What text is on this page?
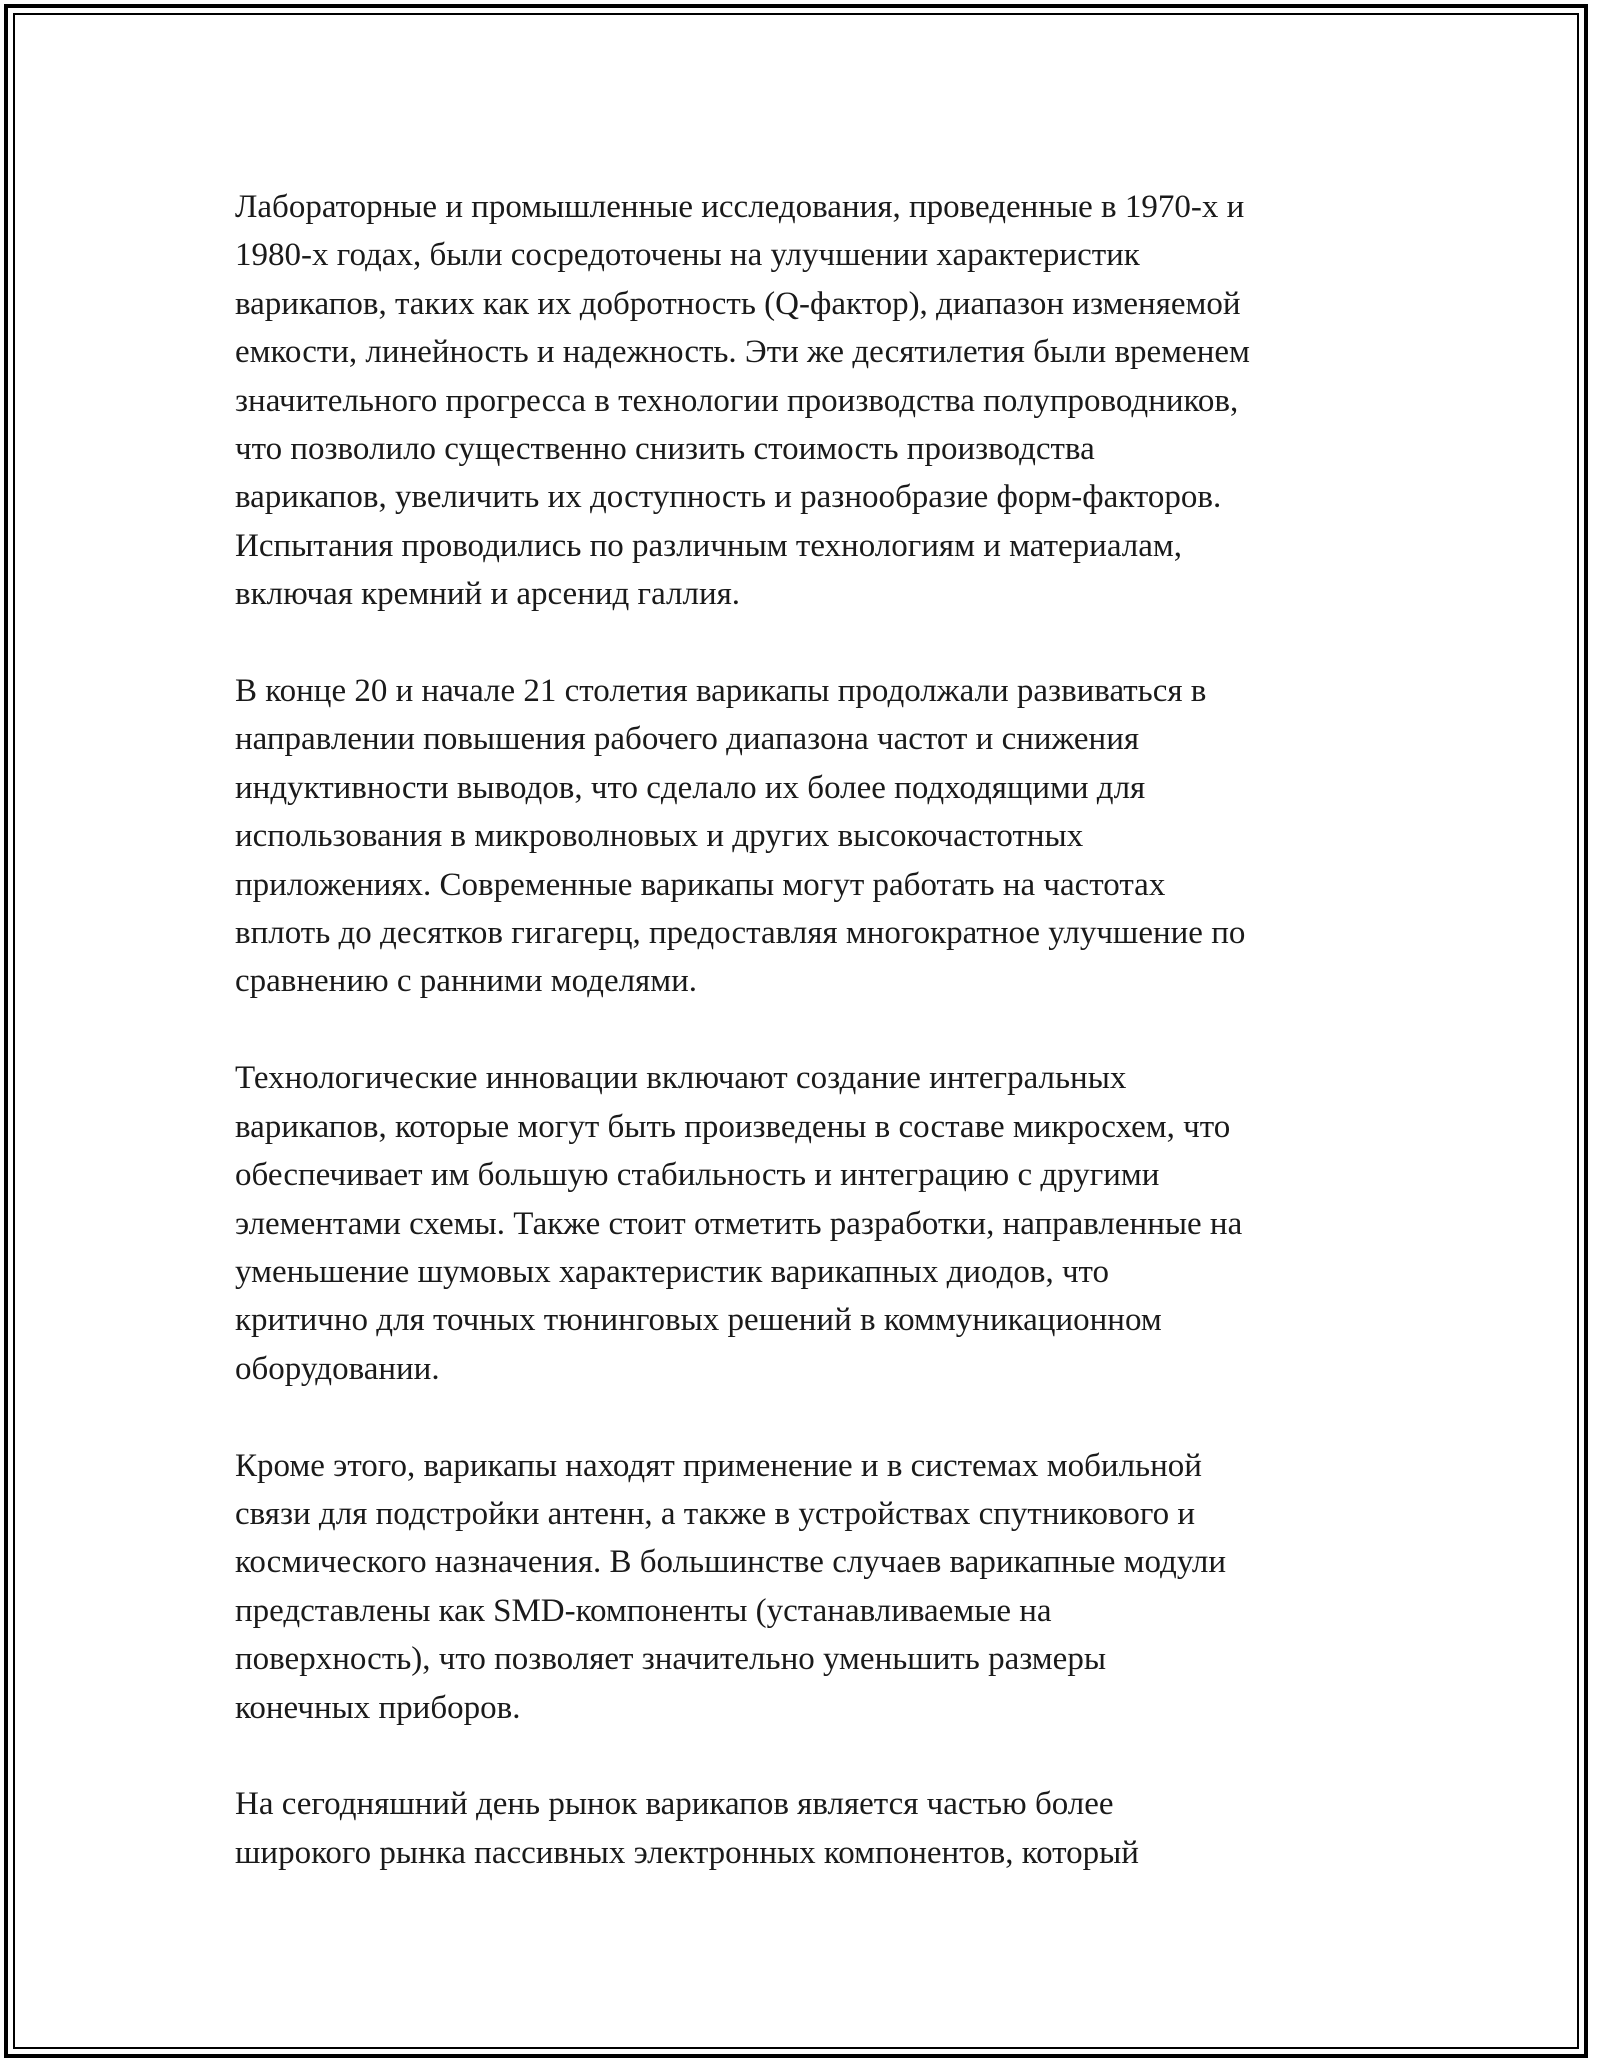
Лабораторные и промышленные исследования, проведенные в 1970-х и
1980-х годах, были сосредоточены на улучшении характеристик
варикапов, таких как их добротность (Q-фактор), диапазон изменяемой
емкости, линейность и надежность. Эти же десятилетия были временем
значительного прогресса в технологии производства полупроводников,
что позволило существенно снизить стоимость производства
варикапов, увеличить их доступность и разнообразие форм-факторов.
Испытания проводились по различным технологиям и материалам,
включая кремний и арсенид галлия.

В конце 20 и начале 21 столетия варикапы продолжали развиваться в
направлении повышения рабочего диапазона частот и снижения
индуктивности выводов, что сделало их более подходящими для
использования в микроволновых и других высокочастотных
приложениях. Современные варикапы могут работать на частотах
вплоть до десятков гигагерц, предоставляя многократное улучшение по
сравнению с ранними моделями.

Технологические инновации включают создание интегральных
варикапов, которые могут быть произведены в составе микросхем, что
обеспечивает им большую стабильность и интеграцию с другими
элементами схемы. Также стоит отметить разработки, направленные на
уменьшение шумовых характеристик варикапных диодов, что
критично для точных тюнинговых решений в коммуникационном
оборудовании.

Кроме этого, варикапы находят применение и в системах мобильной
связи для подстройки антенн, а также в устройствах спутникового и
космического назначения. В большинстве случаев варикапные модули
представлены как SMD-компоненты (устанавливаемые на
поверхность), что позволяет значительно уменьшить размеры
конечных приборов.

На сегодняшний день рынок варикапов является частью более
широкого рынка пассивных электронных компонентов, который
